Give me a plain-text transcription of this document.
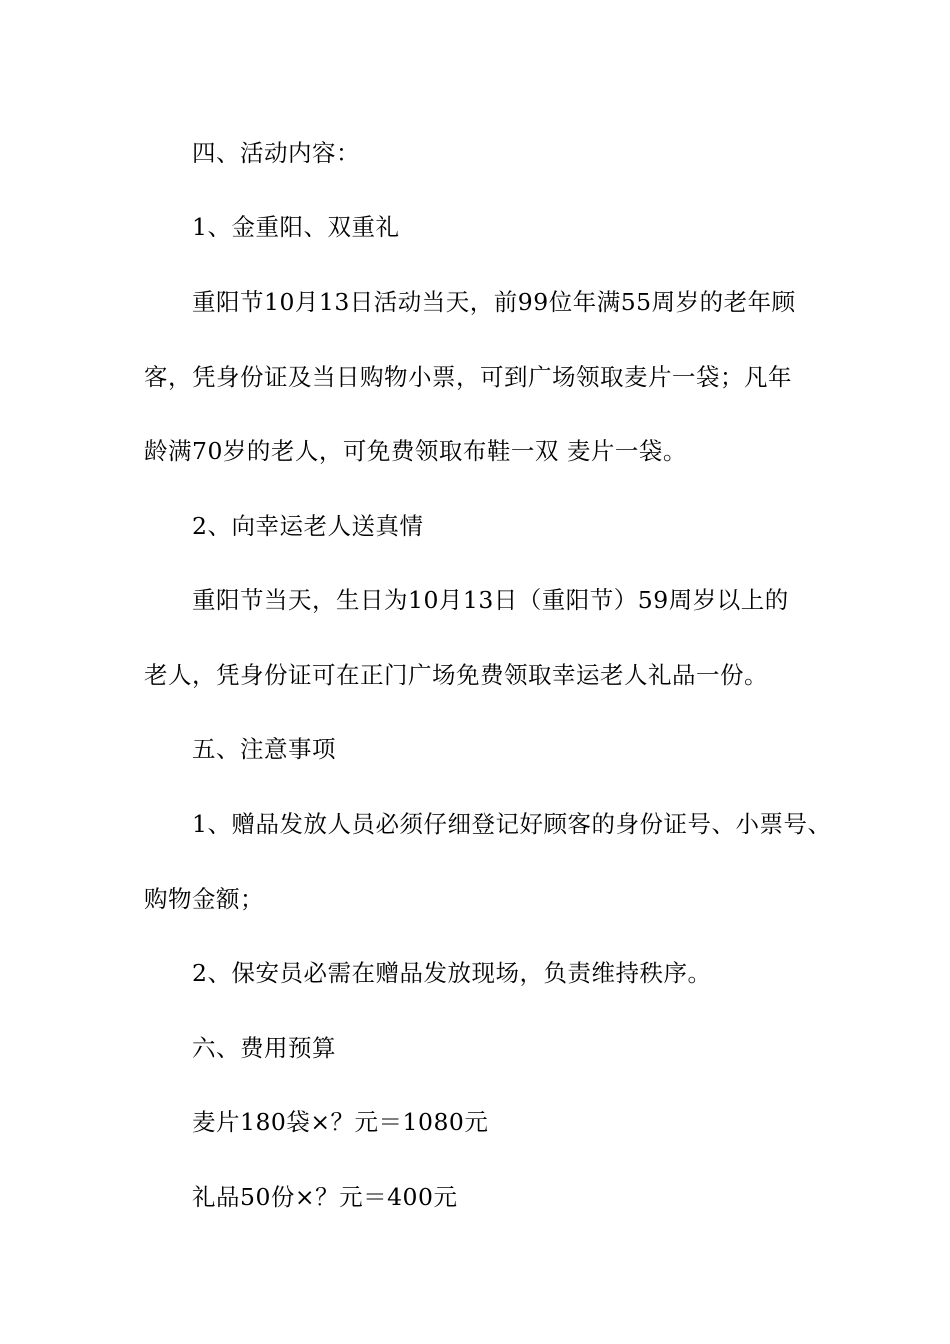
四、活动内容：
1、金重阳、双重礼
重阳节10月13日活动当天，前99位年满55周岁的老年顾
客，凭身份证及当日购物小票，可到广场领取麦片一袋；凡年
龄满70岁的老人，可免费领取布鞋一双 麦片一袋。
2、向幸运老人送真情
重阳节当天，生日为10月13日（重阳节）59周岁以上的
老人，凭身份证可在正门广场免费领取幸运老人礼品一份。
五、注意事项
1、赠品发放人员必须仔细登记好顾客的身份证号、小票号、
购物金额；
2、保安员必需在赠品发放现场，负责维持秩序。
六、费用预算
麦片180袋×？元＝1080元
礼品50份×？元＝400元
